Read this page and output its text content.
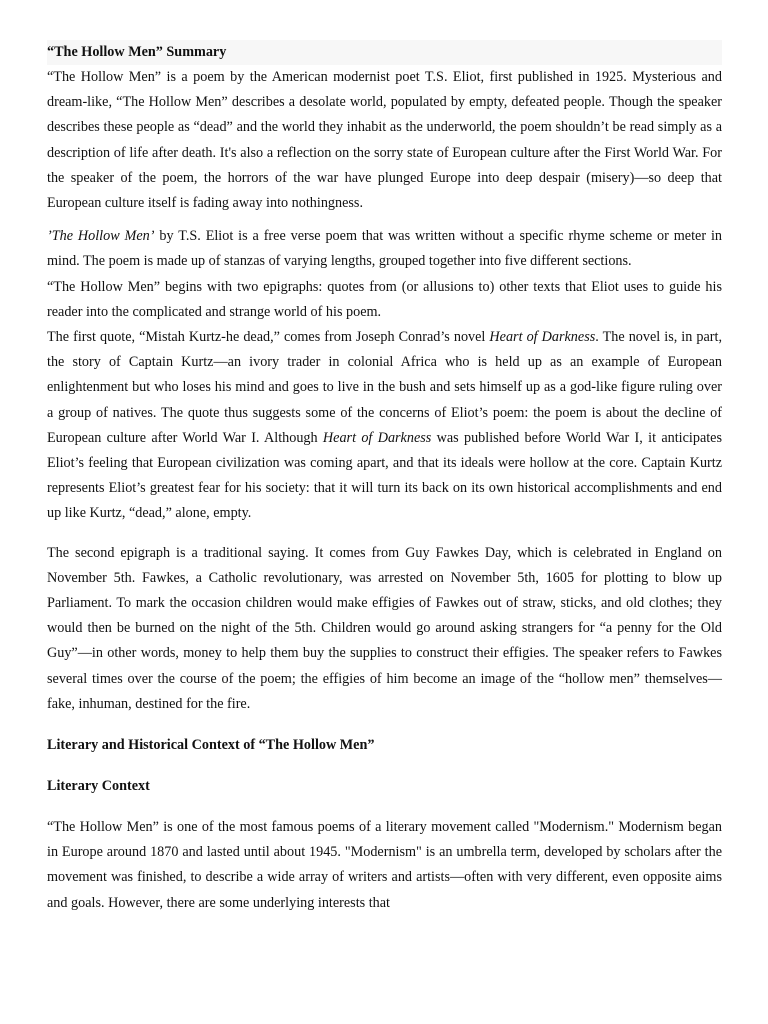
“The Hollow Men” Summary

“The Hollow Men” is a poem by the American modernist poet T.S. Eliot, first published in 1925. Mysterious and dream-like, “The Hollow Men” describes a desolate world, populated by empty, defeated people. Though the speaker describes these people as “dead” and the world they inhabit as the underworld, the poem shouldn’t be read simply as a description of life after death. It's also a reflection on the sorry state of European culture after the First World War. For the speaker of the poem, the horrors of the war have plunged Europe into deep despair (misery)—so deep that European culture itself is fading away into nothingness.

’The Hollow Men’ by T.S. Eliot is a free verse poem that was written without a specific rhyme scheme or meter in mind. The poem is made up of stanzas of varying lengths, grouped together into five different sections.

“The Hollow Men” begins with two epigraphs: quotes from (or allusions to) other texts that Eliot uses to guide his reader into the complicated and strange world of his poem.

The first quote, “Mistah Kurtz-he dead,” comes from Joseph Conrad’s novel Heart of Darkness. The novel is, in part, the story of Captain Kurtz—an ivory trader in colonial Africa who is held up as an example of European enlightenment but who loses his mind and goes to live in the bush and sets himself up as a god-like figure ruling over a group of natives. The quote thus suggests some of the concerns of Eliot’s poem: the poem is about the decline of European culture after World War I. Although Heart of Darkness was published before World War I, it anticipates Eliot’s feeling that European civilization was coming apart, and that its ideals were hollow at the core. Captain Kurtz represents Eliot’s greatest fear for his society: that it will turn its back on its own historical accomplishments and end up like Kurtz, “dead,” alone, empty.

The second epigraph is a traditional saying. It comes from Guy Fawkes Day, which is celebrated in England on November 5th. Fawkes, a Catholic revolutionary, was arrested on November 5th, 1605 for plotting to blow up Parliament. To mark the occasion children would make effigies of Fawkes out of straw, sticks, and old clothes; they would then be burned on the night of the 5th. Children would go around asking strangers for “a penny for the Old Guy”—in other words, money to help them buy the supplies to construct their effigies. The speaker refers to Fawkes several times over the course of the poem; the effigies of him become an image of the “hollow men” themselves—fake, inhuman, destined for the fire.

Literary and Historical Context of “The Hollow Men”

Literary Context

“The Hollow Men” is one of the most famous poems of a literary movement called "Modernism." Modernism began in Europe around 1870 and lasted until about 1945. "Modernism" is an umbrella term, developed by scholars after the movement was finished, to describe a wide array of writers and artists—often with very different, even opposite aims and goals. However, there are some underlying interests that
